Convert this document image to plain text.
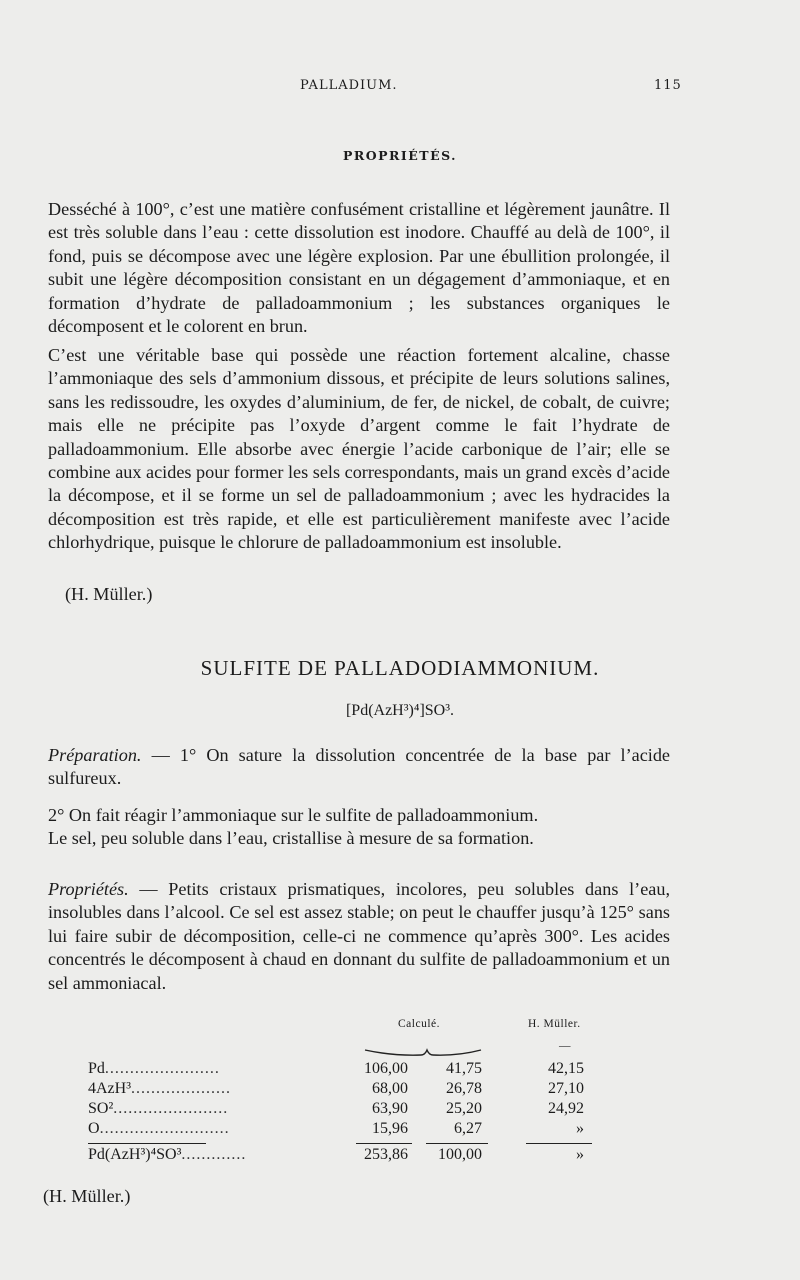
PALLADIUM.	115
PROPRIÉTÉS.

Desséché à 100°, c’est une matière confusément cristalline et légèrement jaunâtre. Il est très soluble dans l’eau : cette dissolution est inodore. Chauffé au delà de 100°, il fond, puis se décompose avec une légère explosion. Par une ébullition prolongée, il subit une légère décomposition consistant en un dégagement d’ammoniaque, et en formation d’hydrate de palladoammonium ; les substances organiques le décomposent et le colorent en brun.

C’est une véritable base qui possède une réaction fortement alcaline, chasse l’ammoniaque des sels d’ammonium dissous, et précipite de leurs solutions salines, sans les redissoudre, les oxydes d’aluminium, de fer, de nickel, de cobalt, de cuivre; mais elle ne précipite pas l’oxyde d’argent comme le fait l’hydrate de palladoammonium. Elle absorbe avec énergie l’acide carbonique de l’air; elle se combine aux acides pour former les sels correspondants, mais un grand excès d’acide la décompose, et il se forme un sel de palladoammonium ; avec les hydracides la décomposition est très rapide, et elle est particulièrement manifeste avec l’acide chlorhydrique, puisque le chlorure de palladoammonium est insoluble.

(H. Müller.)
SULFITE DE PALLADODIAMMONIUM.
[Pd(AzH³)⁴]SO³.

Préparation. — 1° On sature la dissolution concentrée de la base par l’acide sulfureux.

2° On fait réagir l’ammoniaque sur le sulfite de palladoammonium.

Le sel, peu soluble dans l’eau, cristallise à mesure de sa formation.

Propriétés. — Petits cristaux prismatiques, incolores, peu solubles dans l’eau, insolubles dans l’alcool. Ce sel est assez stable; on peut le chauffer jusqu’à 125° sans lui faire subir de décomposition, celle-ci ne commence qu’après 300°. Les acides concentrés le décomposent à chaud en donnant du sulfite de palladoammonium et un sel ammoniacal.

Calculé.	H. Müller.
—
Pd.......................	106,00	41,75	42,15
4AzH³....................	68,00	26,78	27,10
SO².......................	63,90	25,20	24,92
O..........................	15,96	6,27	»
Pd(AzH³)⁴SO³.............	253,86	100,00	»
(H. Müller.)
